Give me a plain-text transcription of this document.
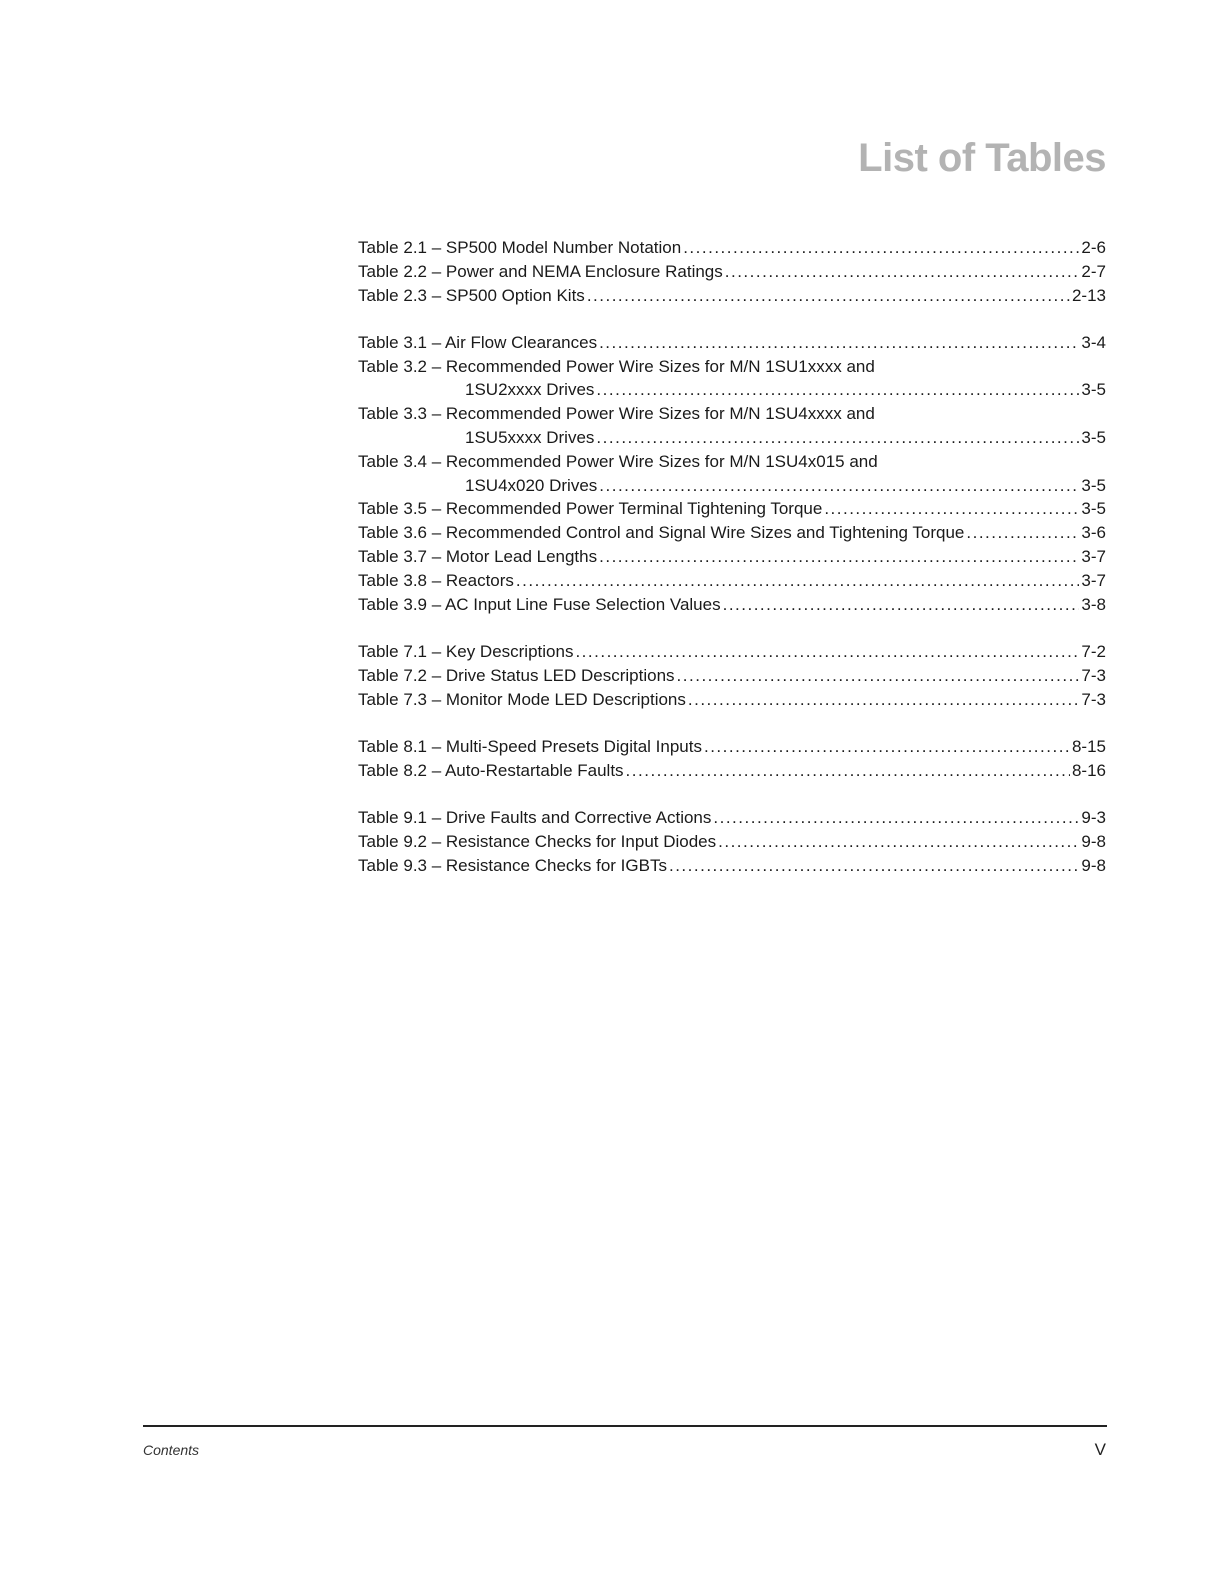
List of Tables
Table 2.1 – SP500 Model Number Notation .....	2-6
Table 2.2 – Power and NEMA Enclosure Ratings .....	2-7
Table 2.3 – SP500 Option Kits .....	2-13
Table 3.1 – Air Flow Clearances .....	3-4
Table 3.2 – Recommended Power Wire Sizes for M/N 1SU1xxxx and
1SU2xxxx Drives .....	3-5
Table 3.3 – Recommended Power Wire Sizes for M/N 1SU4xxxx and
1SU5xxxx Drives .....	3-5
Table 3.4 – Recommended Power Wire Sizes for M/N 1SU4x015 and
1SU4x020 Drives .....	3-5
Table 3.5 – Recommended Power Terminal Tightening Torque .....	3-5
Table 3.6 – Recommended Control and Signal Wire Sizes and Tightening Torque .....	3-6
Table 3.7 – Motor Lead Lengths .....	3-7
Table 3.8 – Reactors .....	3-7
Table 3.9 – AC Input Line Fuse Selection Values .....	3-8
Table 7.1 – Key Descriptions .....	7-2
Table 7.2 – Drive Status LED Descriptions .....	7-3
Table 7.3 – Monitor Mode LED Descriptions .....	7-3
Table 8.1 – Multi-Speed Presets Digital Inputs .....	8-15
Table 8.2 – Auto-Restartable Faults .....	8-16
Table 9.1 – Drive Faults and Corrective Actions .....	9-3
Table 9.2 – Resistance Checks for Input Diodes .....	9-8
Table 9.3 – Resistance Checks for IGBTs .....	9-8
Contents	V
